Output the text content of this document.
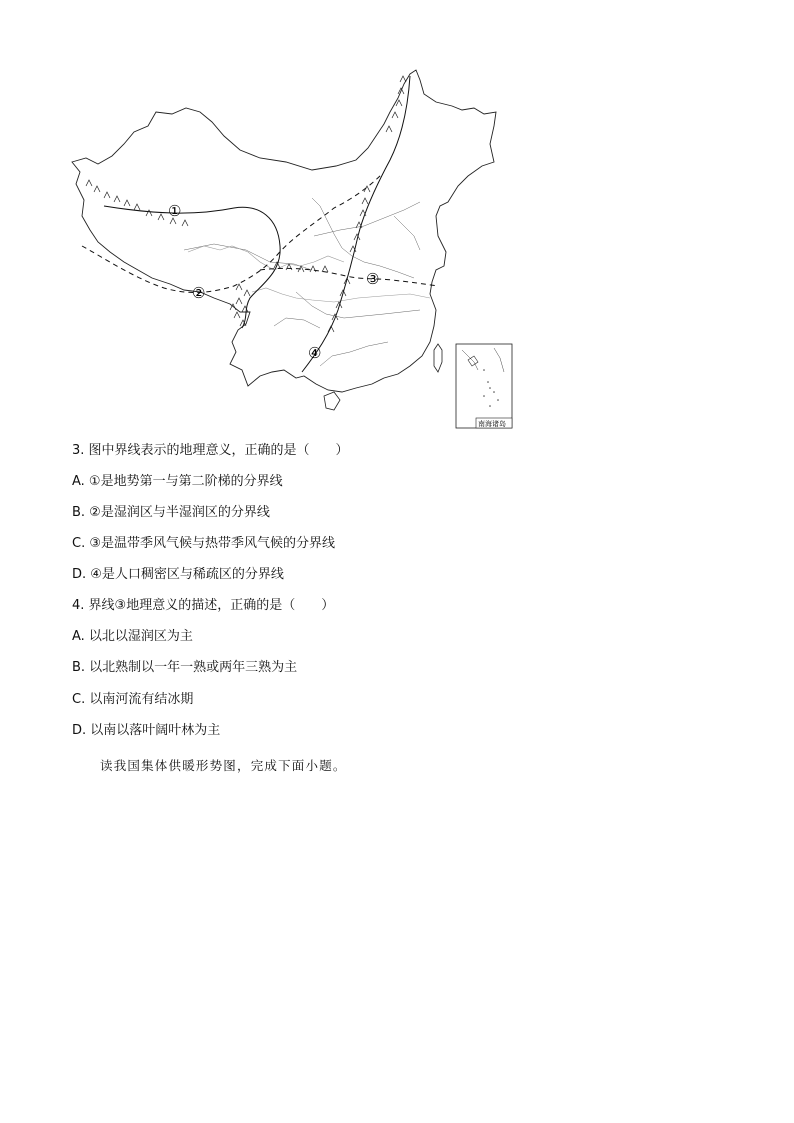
①
②
③
④
南海诸岛
3. 图中界线表示的地理意义，正确的是（　　）
A. ①是地势第一与第二阶梯的分界线
B. ②是湿润区与半湿润区的分界线
C. ③是温带季风气候与热带季风气候的分界线
D. ④是人口稠密区与稀疏区的分界线
4. 界线③地理意义的描述，正确的是（　　）
A. 以北以湿润区为主
B. 以北熟制以一年一熟或两年三熟为主
C. 以南河流有结冰期
D. 以南以落叶阔叶林为主
读我国集体供暖形势图，完成下面小题。
